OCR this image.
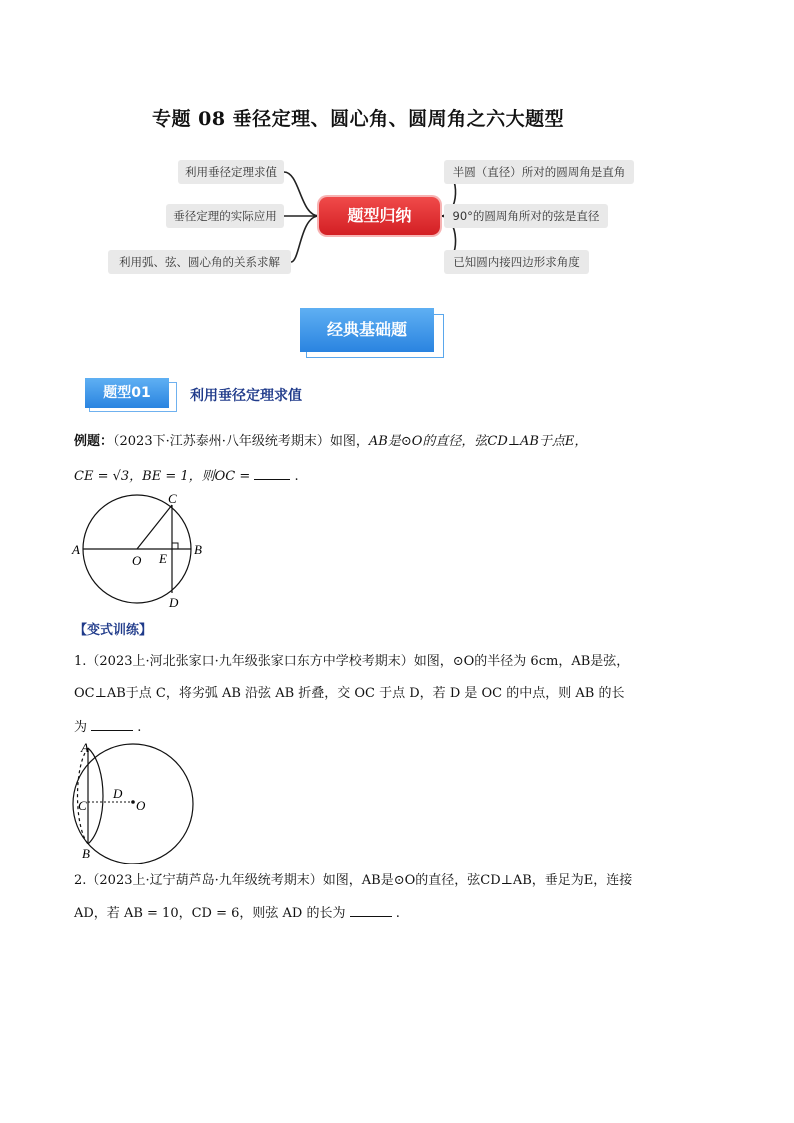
专题 08 垂径定理、圆心角、圆周角之六大题型
利用垂径定理求值
垂径定理的实际应用
利用弧、弦、圆心角的关系求解
题型归纳
半圆（直径）所对的圆周角是直角
90°的圆周角所对的弦是直径
已知圆内接四边形求角度
经典基础题
题型01	利用垂径定理求值
例题：（2023下·江苏泰州·八年级统考期末）如图，AB是⊙O的直径，弦CD⊥AB于点E，
CE = √3，BE = 1，则OC =	.
A	B
C
D
E
O
【变式训练】
1.（2023上·河北张家口·九年级张家口东方中学校考期末）如图，⊙O的半径为 6cm，AB是弦，
OC⊥AB于点 C，将劣弧 AB 沿弦 AB 折叠，交 OC 于点 D，若 D 是 OC 的中点，则 AB 的长
为	.
A
B
C
D
O
2.（2023上·辽宁葫芦岛·九年级统考期末）如图，AB是⊙O的直径，弦CD⊥AB，垂足为E，连接
AD，若 AB = 10，CD = 6，则弦 AD 的长为	.
